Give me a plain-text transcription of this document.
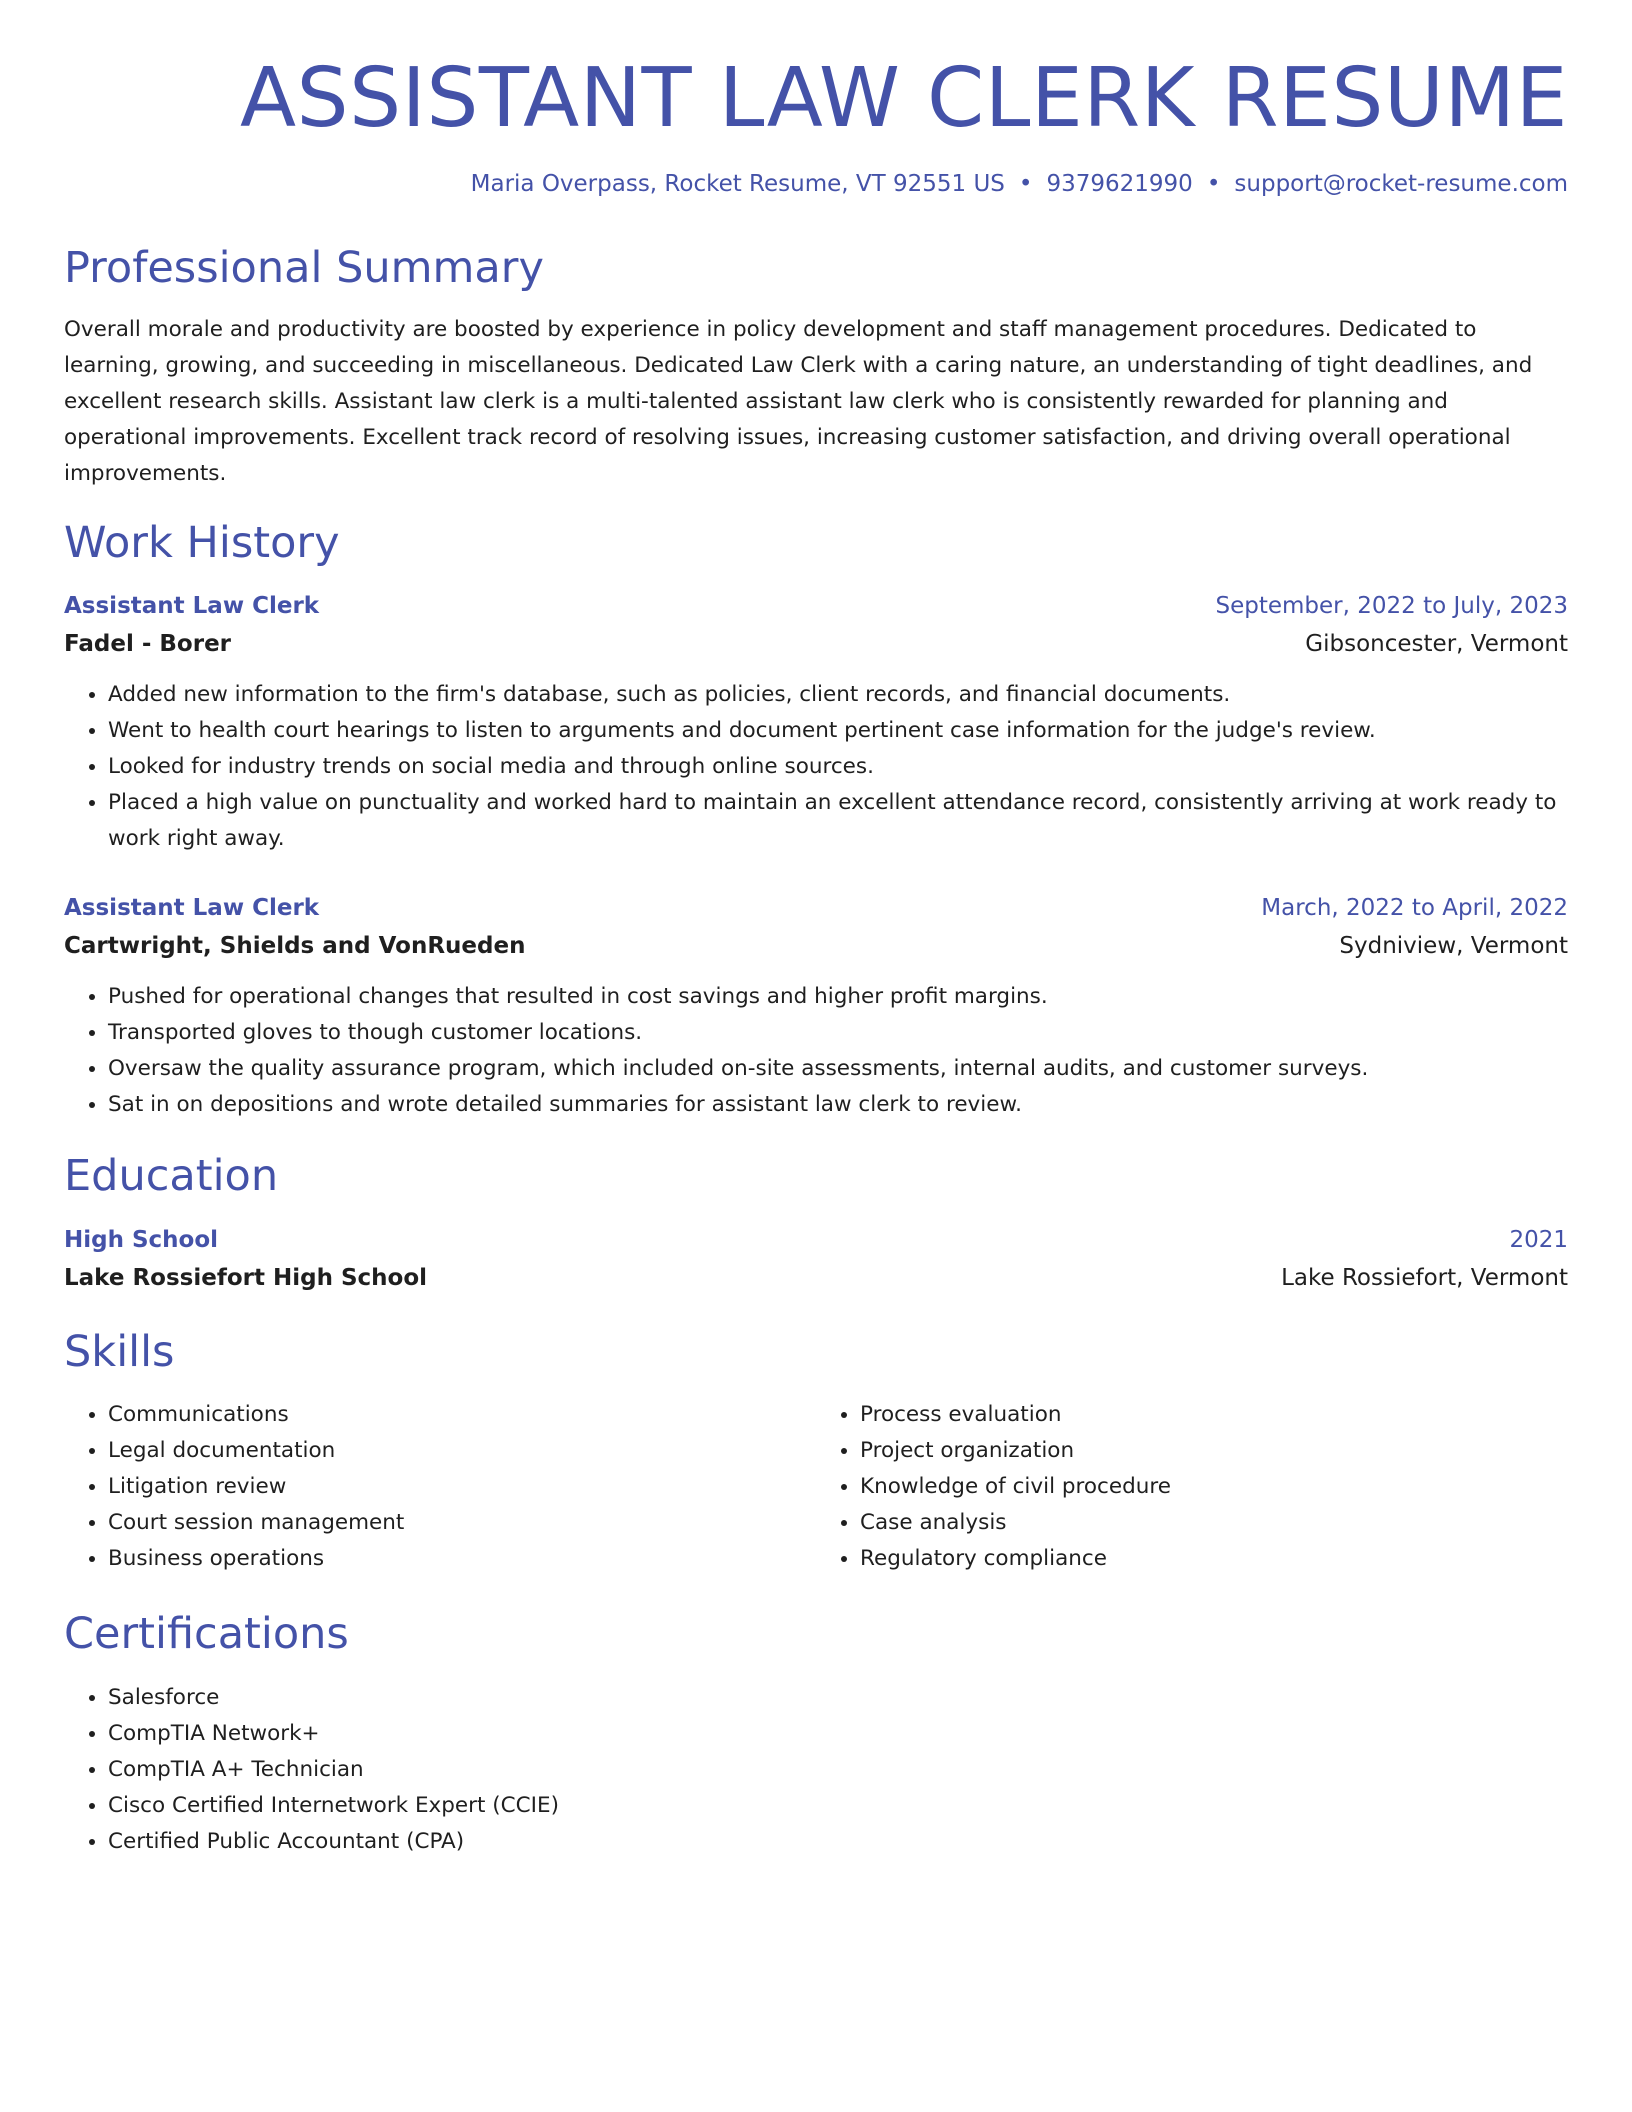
ASSISTANT LAW CLERK RESUME
Maria Overpass, Rocket Resume, VT 92551 US • 9379621990 • support@rocket-resume.com
Professional Summary

Overall morale and productivity are boosted by experience in policy development and staff management procedures. Dedicated to learning, growing, and succeeding in miscellaneous. Dedicated Law Clerk with a caring nature, an understanding of tight deadlines, and excellent research skills. Assistant law clerk is a multi-talented assistant law clerk who is consistently rewarded for planning and operational improvements. Excellent track record of resolving issues, increasing customer satisfaction, and driving overall operational improvements.

Work History
Assistant Law Clerk	September, 2022 to July, 2023
Fadel - Borer	Gibsoncester, Vermont
• Added new information to the firm's database, such as policies, client records, and financial documents.
• Went to health court hearings to listen to arguments and document pertinent case information for the judge's review.
• Looked for industry trends on social media and through online sources.
• Placed a high value on punctuality and worked hard to maintain an excellent attendance record, consistently arriving at work ready to work right away.
Assistant Law Clerk	March, 2022 to April, 2022
Cartwright, Shields and VonRueden	Sydniview, Vermont
• Pushed for operational changes that resulted in cost savings and higher profit margins.
• Transported gloves to though customer locations.
• Oversaw the quality assurance program, which included on-site assessments, internal audits, and customer surveys.
• Sat in on depositions and wrote detailed summaries for assistant law clerk to review.
Education
High School	2021
Lake Rossiefort High School	Lake Rossiefort, Vermont
Skills
• Communications
• Legal documentation
• Litigation review
• Court session management
• Business operations
• Process evaluation
• Project organization
• Knowledge of civil procedure
• Case analysis
• Regulatory compliance
Certifications
• Salesforce
• CompTIA Network+
• CompTIA A+ Technician
• Cisco Certified Internetwork Expert (CCIE)
• Certified Public Accountant (CPA)
